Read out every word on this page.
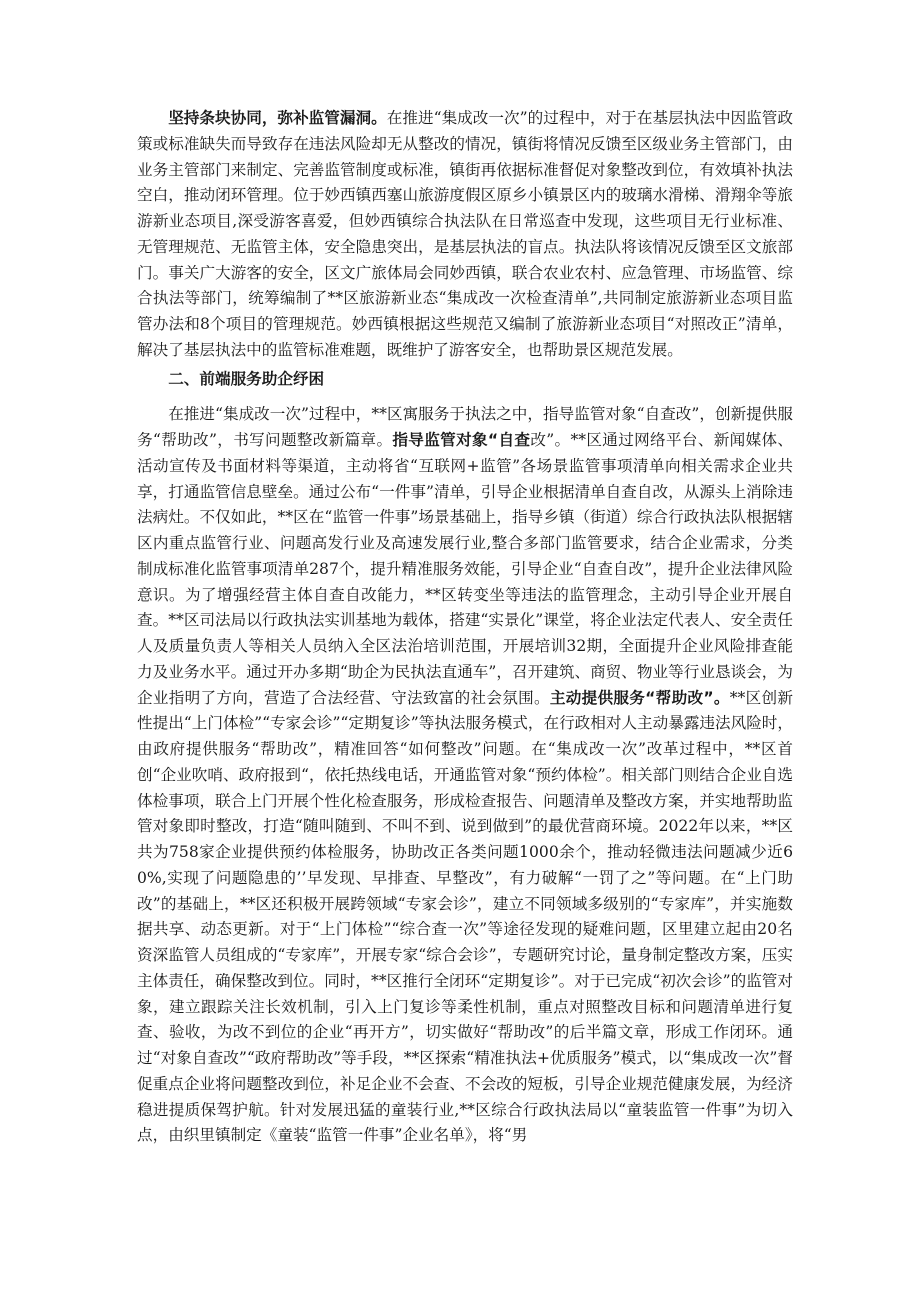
坚持条块协同，弥补监管漏洞。在推进“集成改一次”的过程中，对于在基层执法中因监管政策或标准缺失而导致存在违法风险却无从整改的情况，镇街将情况反馈至区级业务主管部门，由业务主管部门来制定、完善监管制度或标准，镇街再依据标准督促对象整改到位，有效填补执法空白，推动闭环管理。位于妙西镇西塞山旅游度假区原乡小镇景区内的玻璃水滑梯、滑翔伞等旅游新业态项目,深受游客喜爱，但妙西镇综合执法队在日常巡查中发现，这些项目无行业标准、无管理规范、无监管主体，安全隐患突出，是基层执法的盲点。执法队将该情况反馈至区文旅部门。事关广大游客的安全，区文广旅体局会同妙西镇，联合农业农村、应急管理、市场监管、综合执法等部门，统筹编制了**区旅游新业态“集成改一次检查清单”,共同制定旅游新业态项目监管办法和8个项目的管理规范。妙西镇根据这些规范又编制了旅游新业态项目“对照改正”清单，解决了基层执法中的监管标准难题，既维护了游客安全，也帮助景区规范发展。

二、前端服务助企纾困

在推进“集成改一次”过程中，**区寓服务于执法之中，指导监管对象“自查改”，创新提供服务“帮助改”，书写问题整改新篇章。指导监管对象“自查改”。**区通过网络平台、新闻媒体、活动宣传及书面材料等渠道，主动将省“互联网+监管”各场景监管事项清单向相关需求企业共享，打通监管信息壁垒。通过公布“一件事”清单，引导企业根据清单自查自改，从源头上消除违法病灶。不仅如此，**区在“监管一件事”场景基础上，指导乡镇（街道）综合行政执法队根据辖区内重点监管行业、问题高发行业及高速发展行业,整合多部门监管要求，结合企业需求，分类制成标准化监管事项清单287个，提升精准服务效能，引导企业“自查自改”，提升企业法律风险意识。为了增强经营主体自查自改能力，**区转变坐等违法的监管理念，主动引导企业开展自查。**区司法局以行政执法实训基地为载体，搭建“实景化”课堂，将企业法定代表人、安全责任人及质量负责人等相关人员纳入全区法治培训范围，开展培训32期，全面提升企业风险排查能力及业务水平。通过开办多期“助企为民执法直通车”，召开建筑、商贸、物业等行业恳谈会，为企业指明了方向，营造了合法经营、守法致富的社会氛围。主动提供服务“帮助改”。**区创新性提出“上门体检”“专家会诊”“定期复诊”等执法服务模式，在行政相对人主动暴露违法风险时，由政府提供服务“帮助改”，精准回答“如何整改”问题。在“集成改一次”改革过程中，**区首创“企业吹哨、政府报到“，依托热线电话，开通监管对象“预约体检”。相关部门则结合企业自选体检事项，联合上门开展个性化检查服务，形成检查报告、问题清单及整改方案，并实地帮助监管对象即时整改，打造“随叫随到、不叫不到、说到做到”的最优营商环境。2022年以来，**区共为758家企业提供预约体检服务，协助改正各类问题1000余个，推动轻微违法问题减少近60%,实现了问题隐患的’’早发现、早排查、早整改”，有力破解“一罚了之”等问题。在“上门助改”的基础上，**区还积极开展跨领域“专家会诊”，建立不同领域多级别的“专家库”，并实施数据共享、动态更新。对于“上门体检”“综合查一次”等途径发现的疑难问题，区里建立起由20名资深监管人员组成的“专家库”，开展专家“综合会诊”，专题研究讨论，量身制定整改方案，压实主体责任，确保整改到位。同时，**区推行全闭环“定期复诊”。对于已完成“初次会诊”的监管对象，建立跟踪关注长效机制，引入上门复诊等柔性机制，重点对照整改目标和问题清单进行复查、验收，为改不到位的企业“再开方”，切实做好“帮助改”的后半篇文章，形成工作闭环。通过“对象自查改”“政府帮助改”等手段，**区探索“精准执法+优质服务”模式，以“集成改一次”督促重点企业将问题整改到位，补足企业不会查、不会改的短板，引导企业规范健康发展，为经济稳进提质保驾护航。针对发展迅猛的童装行业,**区综合行政执法局以“童装监管一件事”为切入点，由织里镇制定《童装“监管一件事”企业名单》，将“男
